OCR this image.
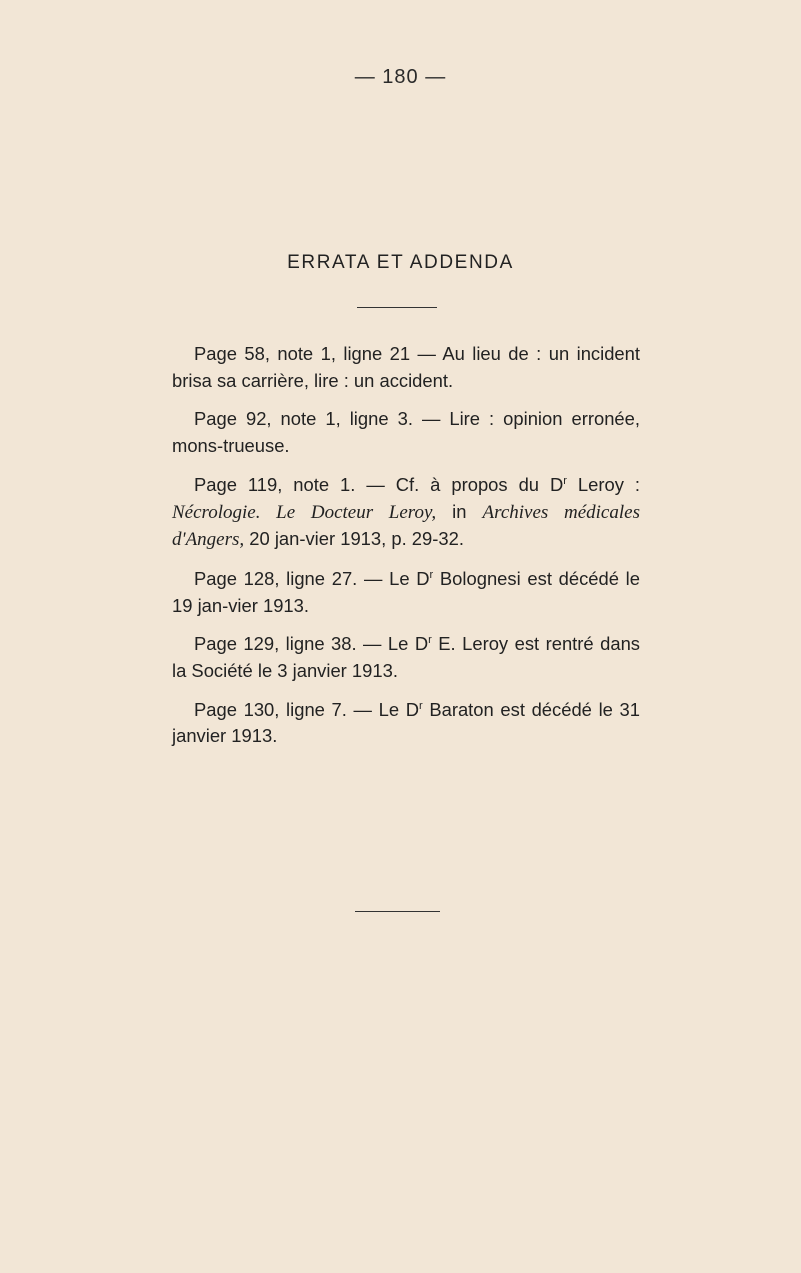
— 180 —
ERRATA ET ADDENDA

Page 58, note 1, ligne 21 — Au lieu de : un incident brisa sa carrière, lire : un accident.

Page 92, note 1, ligne 3. — Lire : opinion erronée, mons-trueuse.

Page 119, note 1. — Cf. à propos du $D^r$ Leroy : Nécrologie. Le Docteur Leroy, in Archives médicales d'Angers, 20 jan-vier 1913, p. 29-32.

Page 128, ligne 27. — Le $D^r$ Bolognesi est décédé le 19 jan-vier 1913.

Page 129, ligne 38. — Le $D^r$ E. Leroy est rentré dans la Société le 3 janvier 1913.

Page 130, ligne 7. — Le $D^r$ Baraton est décédé le 31 janvier 1913.
